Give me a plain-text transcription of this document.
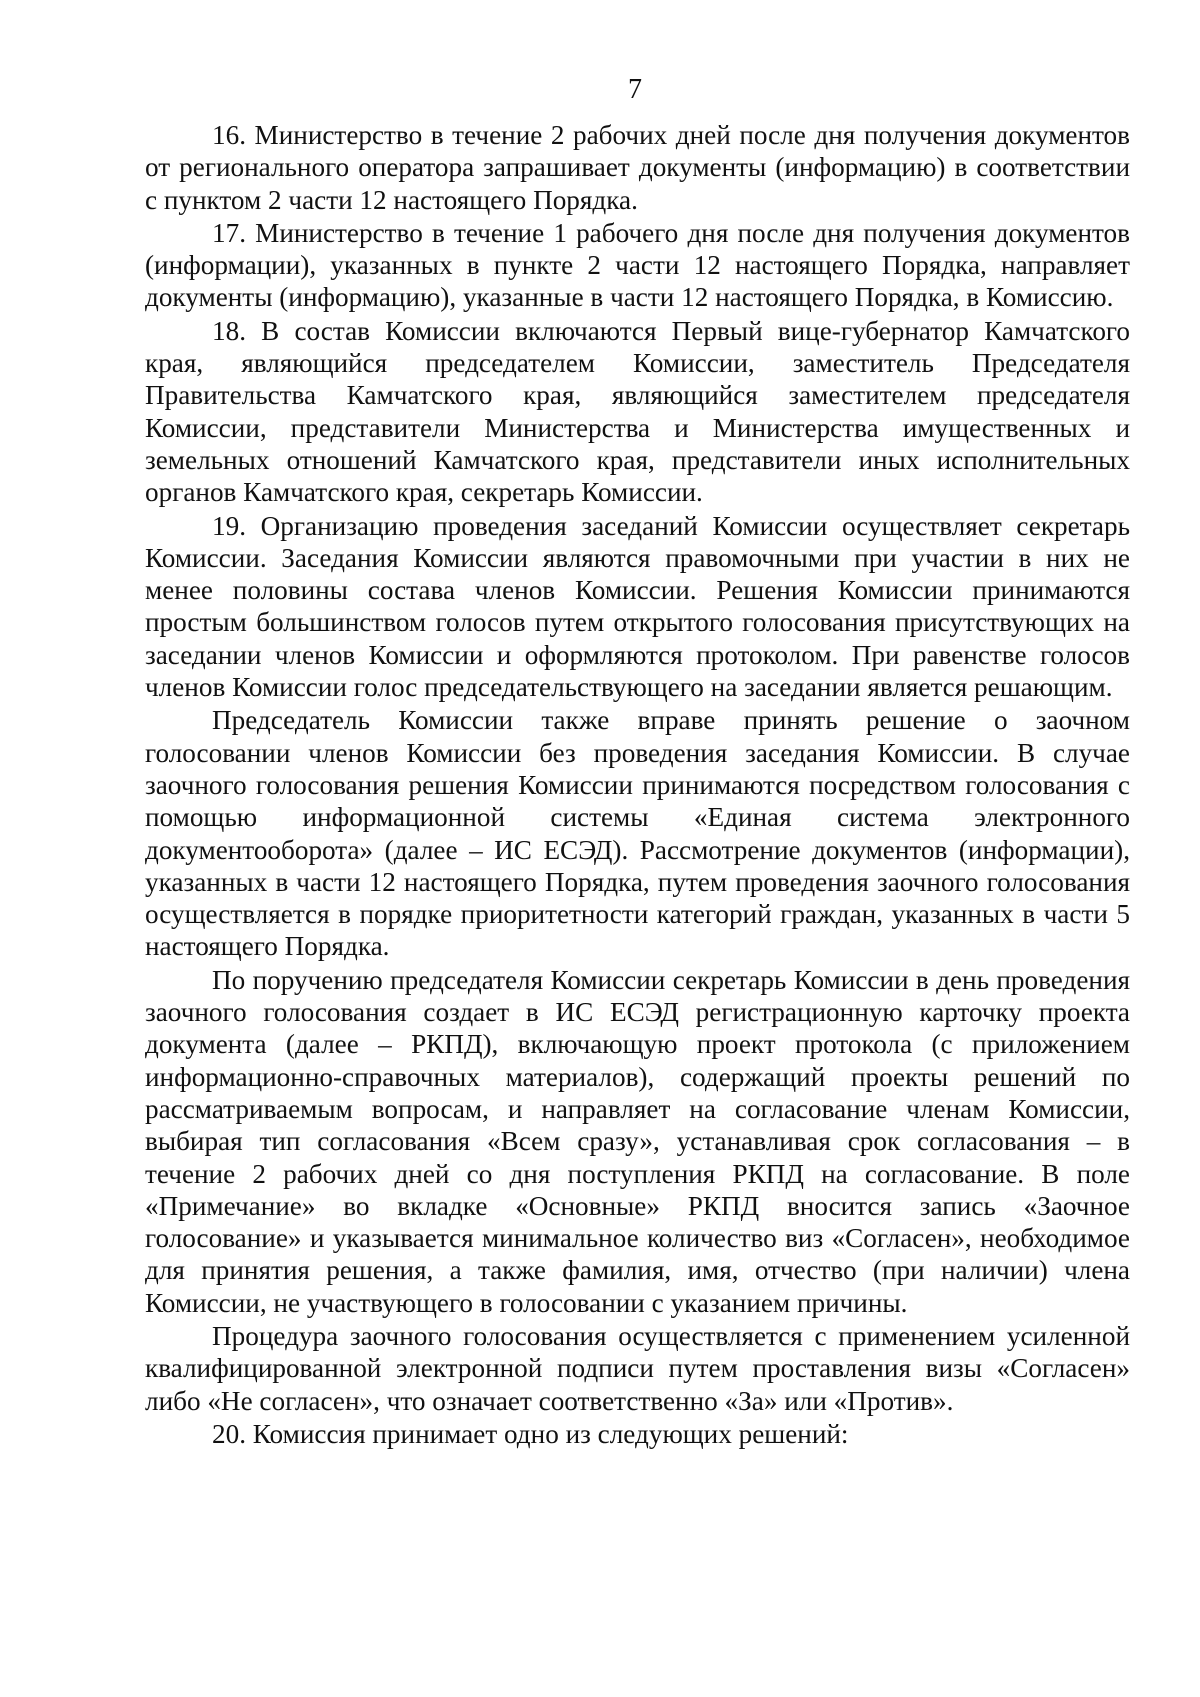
7

16. Министерство в течение 2 рабочих дней после дня получения документов от регионального оператора запрашивает документы (информацию) в соответствии с пунктом 2 части 12 настоящего Порядка.

17. Министерство в течение 1 рабочего дня после дня получения документов (информации), указанных в пункте 2 части 12 настоящего Порядка, направляет документы (информацию), указанные в части 12 настоящего Порядка, в Комиссию.

18. В состав Комиссии включаются Первый вице-губернатор Камчатского края, являющийся председателем Комиссии, заместитель Председателя Правительства Камчатского края, являющийся заместителем председателя Комиссии, представители Министерства и Министерства имущественных и земельных отношений Камчатского края, представители иных исполнительных органов Камчатского края, секретарь Комиссии.

19. Организацию проведения заседаний Комиссии осуществляет секретарь Комиссии. Заседания Комиссии являются правомочными при участии в них не менее половины состава членов Комиссии. Решения Комиссии принимаются простым большинством голосов путем открытого голосования присутствующих на заседании членов Комиссии и оформляются протоколом. При равенстве голосов членов Комиссии голос председательствующего на заседании является решающим.

Председатель Комиссии также вправе принять решение о заочном голосовании членов Комиссии без проведения заседания Комиссии. В случае заочного голосования решения Комиссии принимаются посредством голосования с помощью информационной системы «Единая система электронного документооборота» (далее – ИС ЕСЭД). Рассмотрение документов (информации), указанных в части 12 настоящего Порядка, путем проведения заочного голосования осуществляется в порядке приоритетности категорий граждан, указанных в части 5 настоящего Порядка.

По поручению председателя Комиссии секретарь Комиссии в день проведения заочного голосования создает в ИС ЕСЭД регистрационную карточку проекта документа (далее – РКПД), включающую проект протокола (с приложением информационно-справочных материалов), содержащий проекты решений по рассматриваемым вопросам, и направляет на согласование членам Комиссии, выбирая тип согласования «Всем сразу», устанавливая срок согласования – в течение 2 рабочих дней со дня поступления РКПД на согласование. В поле «Примечание» во вкладке «Основные» РКПД вносится запись «Заочное голосование» и указывается минимальное количество виз «Согласен», необходимое для принятия решения, а также фамилия, имя, отчество (при наличии) члена Комиссии, не участвующего в голосовании с указанием причины.

Процедура заочного голосования осуществляется с применением усиленной квалифицированной электронной подписи путем проставления визы «Согласен» либо «Не согласен», что означает соответственно «За» или «Против».

20. Комиссия принимает одно из следующих решений:
